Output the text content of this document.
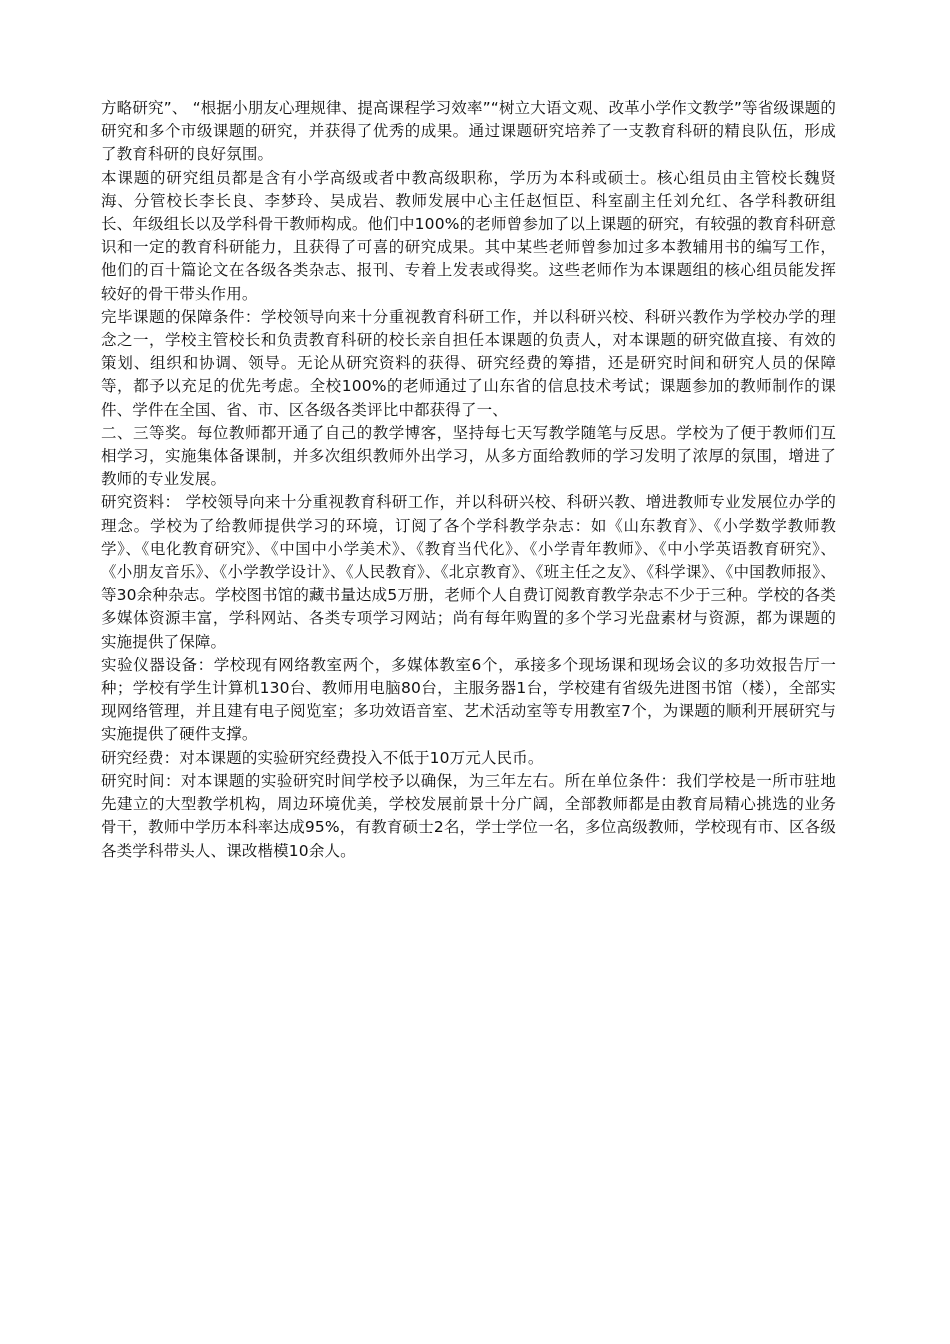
方略研究”、 “根据小朋友心理规律、提高课程学习效率”“树立大语文观、改革小学作文教学”等省级课题的研究和多个市级课题的研究，并获得了优秀的成果。通过课题研究培养了一支教育科研的精良队伍，形成了教育科研的良好氛围。

本课题的研究组员都是含有小学高级或者中教高级职称，学历为本科或硕士。核心组员由主管校长魏贤海、分管校长李长良、李梦玲、吴成岩、教师发展中心主任赵恒臣、科室副主任刘允红、各学科教研组长、年级组长以及学科骨干教师构成。他们中100%的老师曾参加了以上课题的研究，有较强的教育科研意识和一定的教育科研能力，且获得了可喜的研究成果。其中某些老师曾参加过多本教辅用书的编写工作，他们的百十篇论文在各级各类杂志、报刊、专着上发表或得奖。这些老师作为本课题组的核心组员能发挥较好的骨干带头作用。

完毕课题的保障条件：学校领导向来十分重视教育科研工作，并以科研兴校、科研兴教作为学校办学的理念之一，学校主管校长和负责教育科研的校长亲自担任本课题的负责人，对本课题的研究做直接、有效的策划、组织和协调、领导。无论从研究资料的获得、研究经费的筹措，还是研究时间和研究人员的保障等，都予以充足的优先考虑。全校100%的老师通过了山东省的信息技术考试；课题参加的教师制作的课件、学件在全国、省、市、区各级各类评比中都获得了一、

二、三等奖。每位教师都开通了自己的教学博客，坚持每七天写教学随笔与反思。学校为了便于教师们互相学习，实施集体备课制，并多次组织教师外出学习，从多方面给教师的学习发明了浓厚的氛围，增进了教师的专业发展。

研究资料： 学校领导向来十分重视教育科研工作，并以科研兴校、科研兴教、增进教师专业发展位办学的理念。学校为了给教师提供学习的环境，订阅了各个学科教学杂志：如《山东教育》、《小学数学教师教学》、《电化教育研究》、《中国中小学美术》、《教育当代化》、《小学青年教师》、《中小学英语教育研究》、《小朋友音乐》、《小学教学设计》、《人民教育》、《北京教育》、《班主任之友》、《科学课》、《中国教师报》、等30余种杂志。学校图书馆的藏书量达成5万册，老师个人自费订阅教育教学杂志不少于三种。学校的各类多媒体资源丰富，学科网站、各类专项学习网站；尚有每年购置的多个学习光盘素材与资源，都为课题的实施提供了保障。

实验仪器设备：学校现有网络教室两个，多媒体教室6个，承接多个现场课和现场会议的多功效报告厅一种；学校有学生计算机130台、教师用电脑80台，主服务器1台，学校建有省级先进图书馆（楼），全部实现网络管理，并且建有电子阅览室；多功效语音室、艺术活动室等专用教室7个，为课题的顺利开展研究与实施提供了硬件支撑。

研究经费：对本课题的实验研究经费投入不低于10万元人民币。

研究时间：对本课题的实验研究时间学校予以确保，为三年左右。所在单位条件：我们学校是一所市驻地先建立的大型教学机构，周边环境优美，学校发展前景十分广阔，全部教师都是由教育局精心挑选的业务骨干，教师中学历本科率达成95%，有教育硕士2名，学士学位一名，多位高级教师，学校现有市、区各级各类学科带头人、课改楷模10余人。
